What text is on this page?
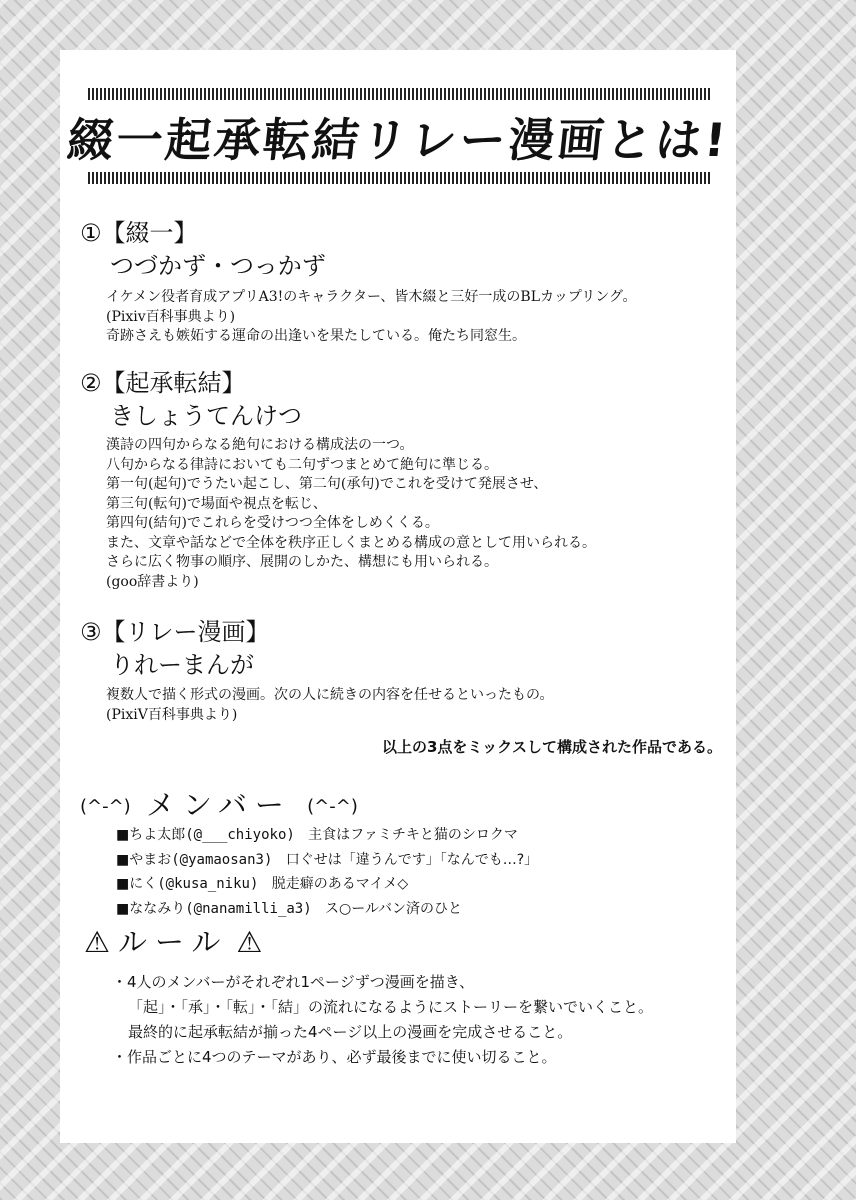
綴一起承転結リレー漫画とは!
①【綴一】
つづかず・つっかず
イケメン役者育成アプリA3!のキャラクター、皆木綴と三好一成のBLカップリング。
(Pixiv百科事典より)
奇跡さえも嫉妬する運命の出逢いを果たしている。俺たち同窓生。
②【起承転結】
きしょうてんけつ
漢詩の四句からなる絶句における構成法の一つ。
八句からなる律詩においても二句ずつまとめて絶句に準じる。
第一句(起句)でうたい起こし、第二句(承句)でこれを受けて発展させ、
第三句(転句)で場面や視点を転じ、
第四句(結句)でこれらを受けつつ全体をしめくくる。
また、文章や話などで全体を秩序正しくまとめる構成の意として用いられる。
さらに広く物事の順序、展開のしかた、構想にも用いられる。
(goo辞書より)
③【リレー漫画】
りれーまんが
複数人で描く形式の漫画。次の人に続きの内容を任せるといったもの。
(PixiV百科事典より)
以上の3点をミックスして構成された作品である。
(^-^) メンバー (^-^)
■ちよ太郎(@___chiyoko) 主食はファミチキと猫のシロクマ
■やまお(@yamaosan3) 口ぐせは「違うんです」「なんでも…?」
■にく(@kusa_niku) 脱走癖のあるマイメ◇
■ななみり(@nanamilli_a3) ス○ールバン済のひと
⚠ ルール ⚠
・4人のメンバーがそれぞれ1ページずつ漫画を描き、
「起」・「承」・「転」・「結」の流れになるようにストーリーを繋いでいくこと。
最終的に起承転結が揃った4ページ以上の漫画を完成させること。
・作品ごとに4つのテーマがあり、必ず最後までに使い切ること。
